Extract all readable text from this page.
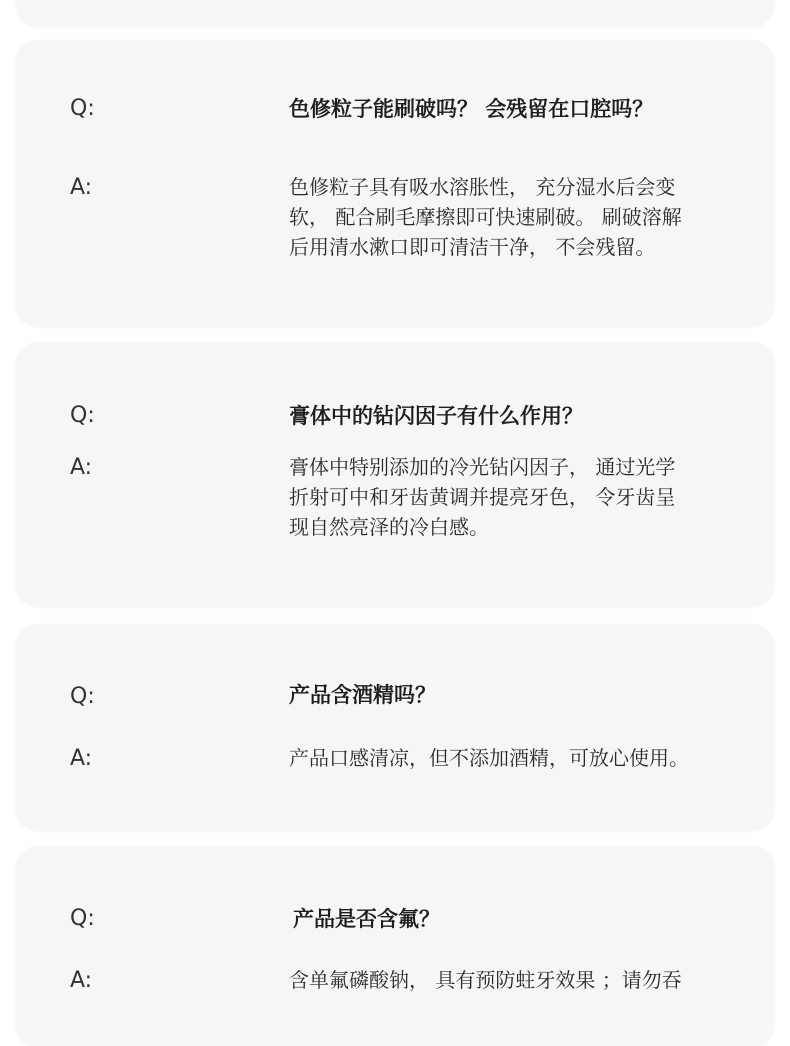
Q:	色修粒子能刷破吗？ 会残留在口腔吗？
A:	色修粒子具有吸水溶胀性， 充分湿水后会变
软， 配合刷毛摩擦即可快速刷破。 刷破溶解
后用清水漱口即可清洁干净， 不会残留。
Q:	膏体中的钻闪因子有什么作用？
A:	膏体中特别添加的冷光钻闪因子， 通过光学
折射可中和牙齿黄调并提亮牙色， 令牙齿呈
现自然亮泽的冷白感。
Q:	产品含酒精吗？
A:	产品口感清凉，但不添加酒精，可放心使用。
Q:	产品是否含氟？
A:	含单氟磷酸钠， 具有预防蛀牙效果 ；请勿吞
